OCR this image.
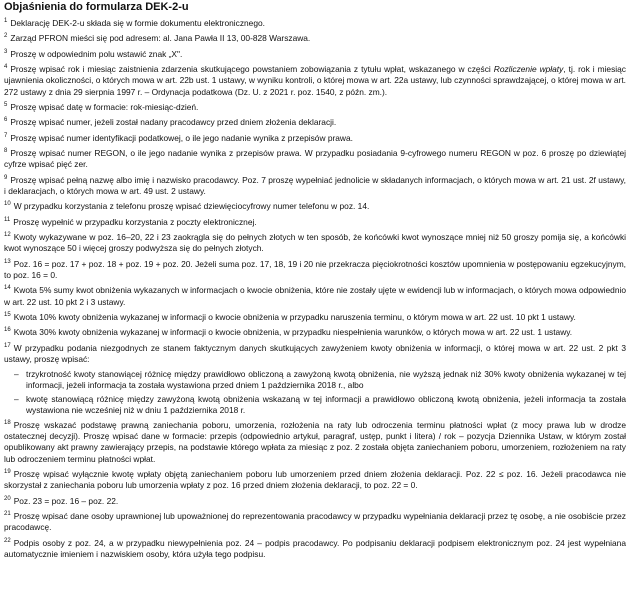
Objaśnienia do formularza DEK-2-u

$^1$ Deklarację DEK-2-u składa się w formie dokumentu elektronicznego.

$^2$ Zarząd PFRON mieści się pod adresem: al. Jana Pawła II 13, 00-828 Warszawa.

$^3$ Proszę w odpowiednim polu wstawić znak „X".

$^4$ Proszę wpisać rok i miesiąc zaistnienia zdarzenia skutkującego powstaniem zobowiązania z tytułu wpłat, wskazanego w części Rozliczenie wpłaty, tj. rok i miesiąc ujawnienia okoliczności, o których mowa w art. 22b ust. 1 ustawy, w wyniku kontroli, o której mowa w art. 22a ustawy, lub czynności sprawdzającej, o której mowa w art. 272 ustawy z dnia 29 sierpnia 1997 r. – Ordynacja podatkowa (Dz. U. z 2021 r. poz. 1540, z późn. zm.).

$^5$ Proszę wpisać datę w formacie: rok-miesiąc-dzień.

$^6$ Proszę wpisać numer, jeżeli został nadany pracodawcy przed dniem złożenia deklaracji.

$^7$ Proszę wpisać numer identyfikacji podatkowej, o ile jego nadanie wynika z przepisów prawa.

$^8$ Proszę wpisać numer REGON, o ile jego nadanie wynika z przepisów prawa. W przypadku posiadania 9-cyfrowego numeru REGON w poz. 6 proszę po dziewiątej cyfrze wpisać pięć zer.

$^9$ Proszę wpisać pełną nazwę albo imię i nazwisko pracodawcy. Poz. 7 proszę wypełniać jednolicie w składanych informacjach, o których mowa w art. 21 ust. 2f ustawy, i deklaracjach, o których mowa w art. 49 ust. 2 ustawy.

$^{10}$ W przypadku korzystania z telefonu proszę wpisać dziewięciocyfrowy numer telefonu w poz. 14.

$^{11}$ Proszę wypełnić w przypadku korzystania z poczty elektronicznej.

$^{12}$ Kwoty wykazywane w poz. 16–20, 22 i 23 zaokrągla się do pełnych złotych w ten sposób, że końcówki kwot wynoszące mniej niż 50 groszy pomija się, a końcówki kwot wynoszące 50 i więcej groszy podwyższa się do pełnych złotych.

$^{13}$ Poz. 16 = poz. 17 + poz. 18 + poz. 19 + poz. 20. Jeżeli suma poz. 17, 18, 19 i 20 nie przekracza pięciokrotności kosztów upomnienia w postępowaniu egzekucyjnym, to poz. 16 = 0.

$^{14}$ Kwota 5% sumy kwot obniżenia wykazanych w informacjach o kwocie obniżenia, które nie zostały ujęte w ewidencji lub w informacjach, o których mowa odpowiednio w art. 22 ust. 10 pkt 2 i 3 ustawy.

$^{15}$ Kwota 10% kwoty obniżenia wykazanej w informacji o kwocie obniżenia w przypadku naruszenia terminu, o którym mowa w art. 22 ust. 10 pkt 1 ustawy.

$^{16}$ Kwota 30% kwoty obniżenia wykazanej w informacji o kwocie obniżenia, w przypadku niespełnienia warunków, o których mowa w art. 22 ust. 1 ustawy.

$^{17}$ W przypadku podania niezgodnych ze stanem faktycznym danych skutkujących zawyżeniem kwoty obniżenia w informacji, o której mowa w art. 22 ust. 2 pkt 3 ustawy, proszę wpisać:

– trzykrotność kwoty stanowiącej różnicę między prawidłowo obliczoną a zawyżoną kwotą obniżenia, nie wyższą jednak niż 30% kwoty obniżenia wykazanej w tej informacji, jeżeli informacja ta została wystawiona przed dniem 1 października 2018 r., albo
– kwotę stanowiącą różnicę między zawyżoną kwotą obniżenia wskazaną w tej informacji a prawidłowo obliczoną kwotą obniżenia, jeżeli informacja ta została wystawiona nie wcześniej niż w dniu 1 października 2018 r.

$^{18}$ Proszę wskazać podstawę prawną zaniechania poboru, umorzenia, rozłożenia na raty lub odroczenia terminu płatności wpłat (z mocy prawa lub w drodze ostatecznej decyzji). Proszę wpisać dane w formacie: przepis (odpowiednio artykuł, paragraf, ustęp, punkt i litera) / rok – pozycja Dziennika Ustaw, w którym został opublikowany akt prawny zawierający przepis, na podstawie którego wpłata za miesiąc z poz. 2 została objęta zaniechaniem poboru, umorzeniem, rozłożeniem na raty lub odroczeniem terminu płatności wpłat.

$^{19}$ Proszę wpisać wyłącznie kwotę wpłaty objętą zaniechaniem poboru lub umorzeniem przed dniem złożenia deklaracji. Poz. 22 ≤ poz. 16. Jeżeli pracodawca nie skorzystał z zaniechania poboru lub umorzenia wpłaty z poz. 16 przed dniem złożenia deklaracji, to poz. 22 = 0.

$^{20}$ Poz. 23 = poz. 16 – poz. 22.

$^{21}$ Proszę wpisać dane osoby uprawnionej lub upoważnionej do reprezentowania pracodawcy w przypadku wypełniania deklaracji przez tę osobę, a nie osobiście przez pracodawcę.

$^{22}$ Podpis osoby z poz. 24, a w przypadku niewypełnienia poz. 24 – podpis pracodawcy. Po podpisaniu deklaracji podpisem elektronicznym poz. 24 jest wypełniana automatycznie imieniem i nazwiskiem osoby, która użyła tego podpisu.
